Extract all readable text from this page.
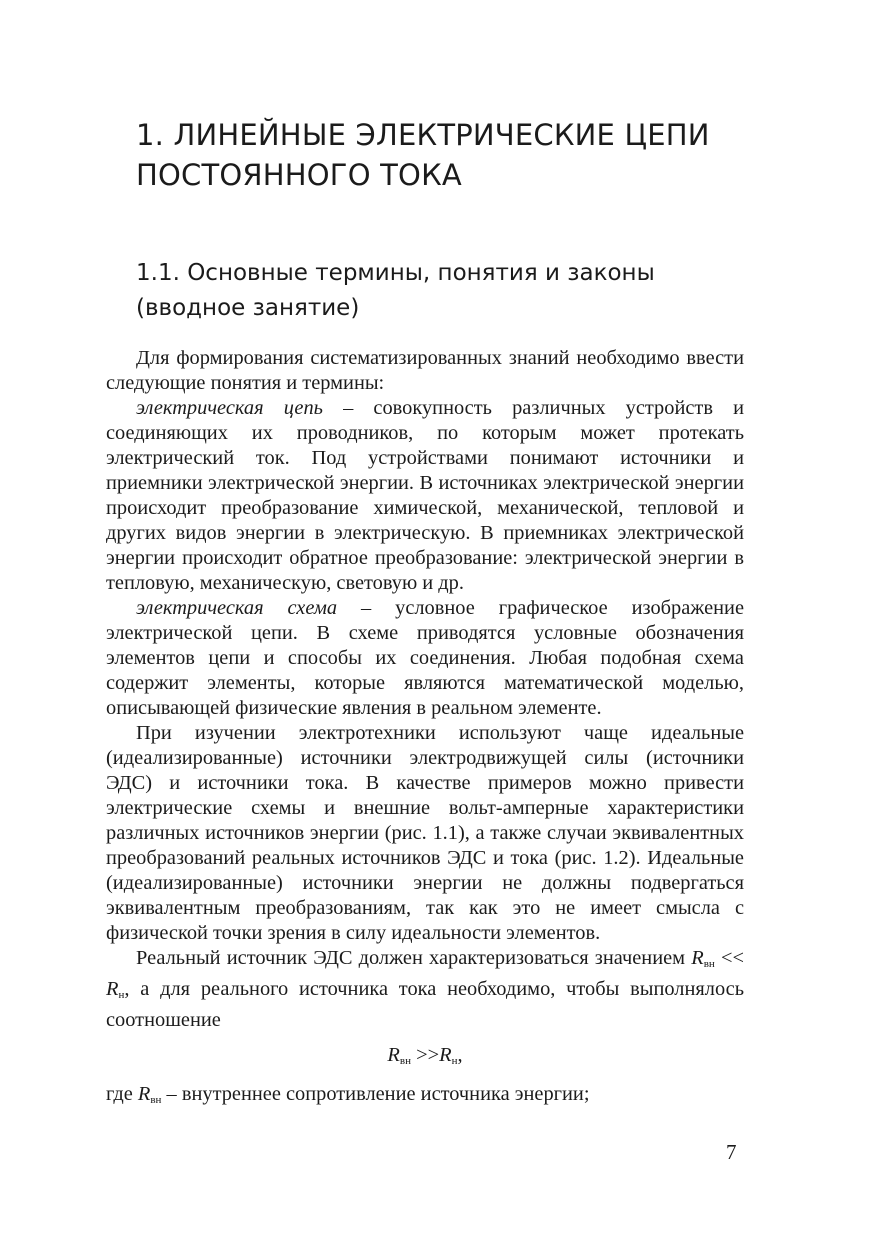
1. ЛИНЕЙНЫЕ ЭЛЕКТРИЧЕСКИЕ ЦЕПИ
ПОСТОЯННОГО ТОКА
1.1. Основные термины, понятия и законы
(вводное занятие)

Для формирования систематизированных знаний необходимо ввести следующие понятия и термины:

электрическая цепь – совокупность различных устройств и соединяющих их проводников, по которым может протекать электрический ток. Под устройствами понимают источники и приемники электрической энергии. В источниках электрической энергии происходит преобразование химической, механической, тепловой и других видов энергии в электрическую. В приемниках электрической энергии происходит обратное преобразование: электрической энергии в тепловую, механическую, световую и др.

электрическая схема – условное графическое изображение электрической цепи. В схеме приводятся условные обозначения элементов цепи и способы их соединения. Любая подобная схема содержит элементы, которые являются математической моделью, описывающей физические явления в реальном элементе.

При изучении электротехники используют чаще идеальные (идеализированные) источники электродвижущей силы (источники ЭДС) и источники тока. В качестве примеров можно привести электрические схемы и внешние вольт-амперные характеристики различных источников энергии (рис. 1.1), а также случаи эквивалентных преобразований реальных источников ЭДС и тока (рис. 1.2). Идеальные (идеализированные) источники энергии не должны подвергаться эквивалентным преобразованиям, так как это не имеет смысла с физической точки зрения в силу идеальности элементов.

Реальный источник ЭДС должен характеризоваться значением $R_{вн} << R_н$, а для реального источника тока необходимо, чтобы выполнялось соотношение

$R_{вн} >>R_н$,

где $R_{вн}$ – внутреннее сопротивление источника энергии;

7
